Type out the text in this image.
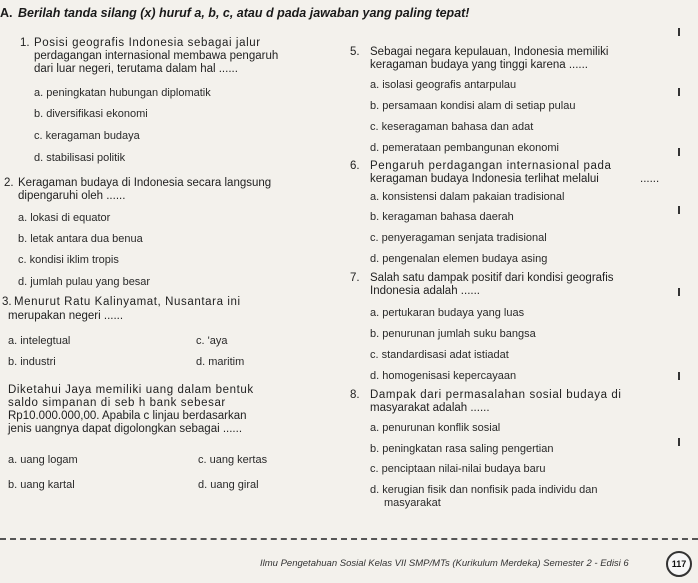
A. Berilah tanda silang (x) huruf a, b, c, atau d pada jawaban yang paling tepat!
1. Posisi geografis Indonesia sebagai jalur
perdagangan internasional membawa pengaruh
dari luar negeri, terutama dalam hal ......
a. peningkatan hubungan diplomatik
b. diversifikasi ekonomi
c. keragaman budaya
d. stabilisasi politik
2. Keragaman budaya di Indonesia secara langsung
dipengaruhi oleh ......
a. lokasi di equator
b. letak antara dua benua
c. kondisi iklim tropis
d. jumlah pulau yang besar
3. Menurut Ratu Kalinyamat, Nusantara ini
merupakan negeri ......
a. intelegtual	c. 'aya
b. industri	d. maritim
Diketahui Jaya memiliki uang dalam bentuk
saldo simpanan di seb h bank sebesar
Rp10.000.000,00. Apabila c linjau berdasarkan
jenis uangnya dapat digolongkan sebagai ......
a. uang logam	c. uang kertas
b. uang kartal	d. uang giral
5. Sebagai negara kepulauan, Indonesia memiliki
keragaman budaya yang tinggi karena ......
a. isolasi geografis antarpulau
b. persamaan kondisi alam di setiap pulau
c. keseragaman bahasa dan adat
d. pemerataan pembangunan ekonomi
6. Pengaruh perdagangan internasional pada
keragaman budaya Indonesia terlihat melalui	......
a. konsistensi dalam pakaian tradisional
b. keragaman bahasa daerah
c. penyeragaman senjata tradisional
d. pengenalan elemen budaya asing
7. Salah satu dampak positif dari kondisi geografis
Indonesia adalah ......
a. pertukaran budaya yang luas
b. penurunan jumlah suku bangsa
c. standardisasi adat istiadat
d. homogenisasi kepercayaan
8. Dampak dari permasalahan sosial budaya di
masyarakat adalah ......
a. penurunan konflik sosial
b. peningkatan rasa saling pengertian
c. penciptaan nilai-nilai budaya baru
d. kerugian fisik dan nonfisik pada individu dan
masyarakat
Ilmu Pengetahuan Sosial Kelas VII SMP/MTs (Kurikulum Merdeka) Semester 2 - Edisi 6	117
